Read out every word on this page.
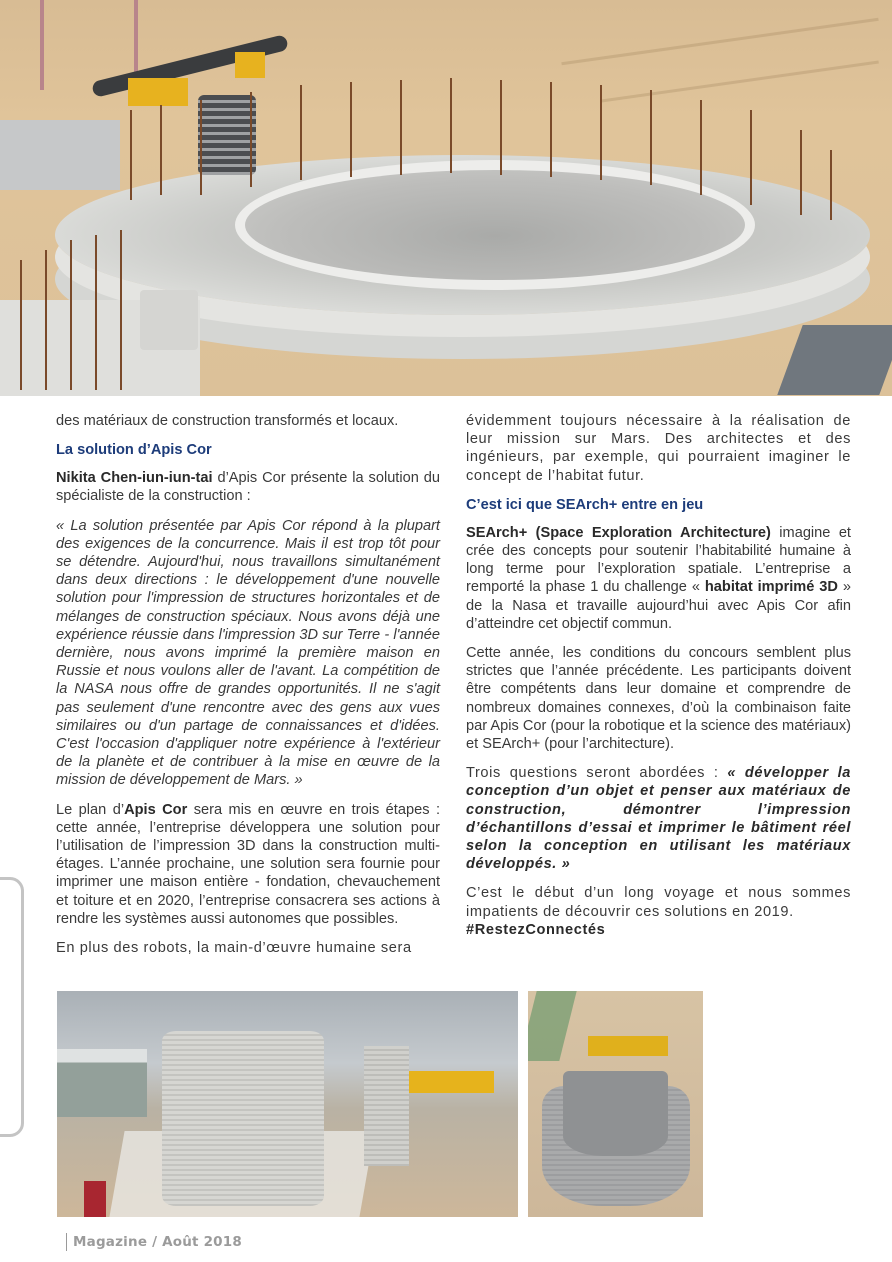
des matériaux de construction transformés et locaux.

La solution d’Apis Cor

Nikita Chen-iun-iun-tai d’Apis Cor présente la solution du spécialiste de la construction :

« La solution présentée par Apis Cor répond à la plupart des exigences de la concurrence. Mais il est trop tôt pour se détendre. Aujourd'hui, nous travaillons simultanément dans deux directions : le développement d'une nouvelle solution pour l'impression de structures horizontales et de mélanges de construction spéciaux. Nous avons déjà une expérience réussie dans l'impression 3D sur Terre - l'année dernière, nous avons imprimé la première maison en Russie et nous voulons aller de l'avant. La compétition de la NASA nous offre de grandes opportunités. Il ne s'agit pas seulement d'une rencontre avec des gens aux vues similaires ou d'un partage de connaissances et d'idées. C'est l'occasion d'appliquer notre expérience à l'extérieur de la planète et de contribuer à la mise en œuvre de la mission de développement de Mars. »

Le plan d’Apis Cor sera mis en œuvre en trois étapes : cette année, l’entreprise développera une solution pour l’utilisation de l’impression 3D dans la construction multi-étages. L’année prochaine, une solution sera fournie pour imprimer une maison entière - fondation, chevauchement et toiture et en 2020, l’entreprise consacrera ses actions à rendre les systèmes aussi autonomes que possibles.

En plus des robots, la main-d’œuvre humaine sera

évidemment toujours nécessaire à la réalisation de leur mission sur Mars. Des architectes et des ingénieurs, par exemple, qui pourraient imaginer le concept de l’habitat futur.

C’est ici que SEArch+ entre en jeu

SEArch+ (Space Exploration Architecture) imagine et crée des concepts pour soutenir l’habitabilité humaine à long terme pour l’exploration spatiale. L’entreprise a remporté la phase 1 du challenge « habitat imprimé 3D » de la Nasa et travaille aujourd’hui avec Apis Cor afin d’atteindre cet objectif commun.

Cette année, les conditions du concours semblent plus strictes que l’année précédente. Les participants doivent être compétents dans leur domaine et comprendre de nombreux domaines connexes, d’où la combinaison faite par Apis Cor (pour la robotique et la science des matériaux) et SEArch+ (pour l’architecture).

Trois questions seront abordées : « développer la conception d’un objet et penser aux matériaux de construction, démontrer l’impression d’échantillons d’essai et imprimer le bâtiment réel selon la conception en utilisant les matériaux développés. »

C’est le début d’un long voyage et nous sommes impatients de découvrir ces solutions en 2019.
#RestezConnectés

Magazine / Août 2018
